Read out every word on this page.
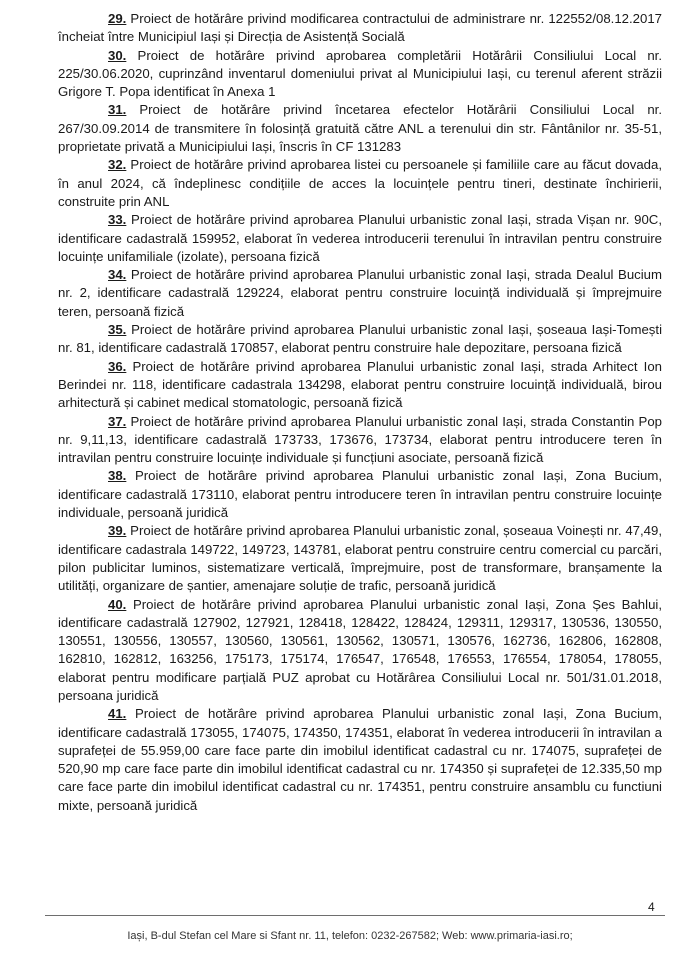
29. Proiect de hotărâre privind modificarea contractului de administrare nr. 122552/08.12.2017 încheiat între Municipiul Iași și Direcția de Asistență Socială

30. Proiect de hotărâre privind aprobarea completării Hotărârii Consiliului Local nr. 225/30.06.2020, cuprinzând inventarul domeniului privat al Municipiului Iași, cu terenul aferent străzii Grigore T. Popa identificat în Anexa 1

31. Proiect de hotărâre privind încetarea efectelor Hotărârii Consiliului Local nr. 267/30.09.2014 de transmitere în folosință gratuită către ANL a terenului din str. Fântânilor nr. 35-51, proprietate privată a Municipiului Iași, înscris în CF 131283

32. Proiect de hotărâre privind aprobarea listei cu persoanele și familiile care au făcut dovada, în anul 2024, că îndeplinesc condițiile de acces la locuințele pentru tineri, destinate închirierii, construite prin ANL

33. Proiect de hotărâre privind aprobarea Planului urbanistic zonal Iași, strada Vișan nr. 90C, identificare cadastrală 159952, elaborat în vederea introducerii terenului în intravilan pentru construire locuințe unifamiliale (izolate), persoana fizică

34. Proiect de hotărâre privind aprobarea Planului urbanistic zonal Iași, strada Dealul Bucium nr. 2, identificare cadastrală 129224, elaborat pentru construire locuință individuală și împrejmuire teren, persoană fizică

35. Proiect de hotărâre privind aprobarea Planului urbanistic zonal Iași, șoseaua Iași-Tomești nr. 81, identificare cadastrală 170857, elaborat pentru construire hale depozitare, persoana fizică

36. Proiect de hotărâre privind aprobarea Planului urbanistic zonal Iași, strada Arhitect Ion Berindei nr. 118, identificare cadastrala 134298, elaborat pentru construire locuință individuală, birou arhitectură și cabinet medical stomatologic, persoană fizică

37. Proiect de hotărâre privind aprobarea Planului urbanistic zonal Iași, strada Constantin Pop nr. 9,11,13, identificare cadastrală 173733, 173676, 173734, elaborat pentru introducere teren în intravilan pentru construire locuințe individuale și funcțiuni asociate, persoană fizică

38. Proiect de hotărâre privind aprobarea Planului urbanistic zonal Iași, Zona Bucium, identificare cadastrală 173110, elaborat pentru introducere teren în intravilan pentru construire locuințe individuale, persoană juridică

39. Proiect de hotărâre privind aprobarea Planului urbanistic zonal, șoseaua Voinești nr. 47,49, identificare cadastrala 149722, 149723, 143781, elaborat pentru construire centru comercial cu parcări, pilon publicitar luminos, sistematizare verticală, împrejmuire, post de transformare, branșamente la utilități, organizare de șantier, amenajare soluție de trafic, persoană juridică

40. Proiect de hotărâre privind aprobarea Planului urbanistic zonal Iași, Zona Șes Bahlui, identificare cadastrală 127902, 127921, 128418, 128422, 128424, 129311, 129317, 130536, 130550, 130551, 130556, 130557, 130560, 130561, 130562, 130571, 130576, 162736, 162806, 162808, 162810, 162812, 163256, 175173, 175174, 176547, 176548, 176553, 176554, 178054, 178055, elaborat pentru modificare parțială PUZ aprobat cu Hotărârea Consiliului Local nr. 501/31.01.2018, persoana juridică

41. Proiect de hotărâre privind aprobarea Planului urbanistic zonal Iași, Zona Bucium, identificare cadastrală 173055, 174075, 174350, 174351, elaborat în vederea introducerii în intravilan a suprafeței de 55.959,00 care face parte din imobilul identificat cadastral cu nr. 174075, suprafeței de 520,90 mp care face parte din imobilul identificat cadastral cu nr. 174350 și suprafeței de 12.335,50 mp care face parte din imobilul identificat cadastral cu nr. 174351, pentru construire ansamblu cu functiuni mixte, persoană juridică

4
Iași, B-dul Stefan cel Mare si Sfant nr. 11, telefon: 0232-267582; Web: www.primaria-iasi.ro;
